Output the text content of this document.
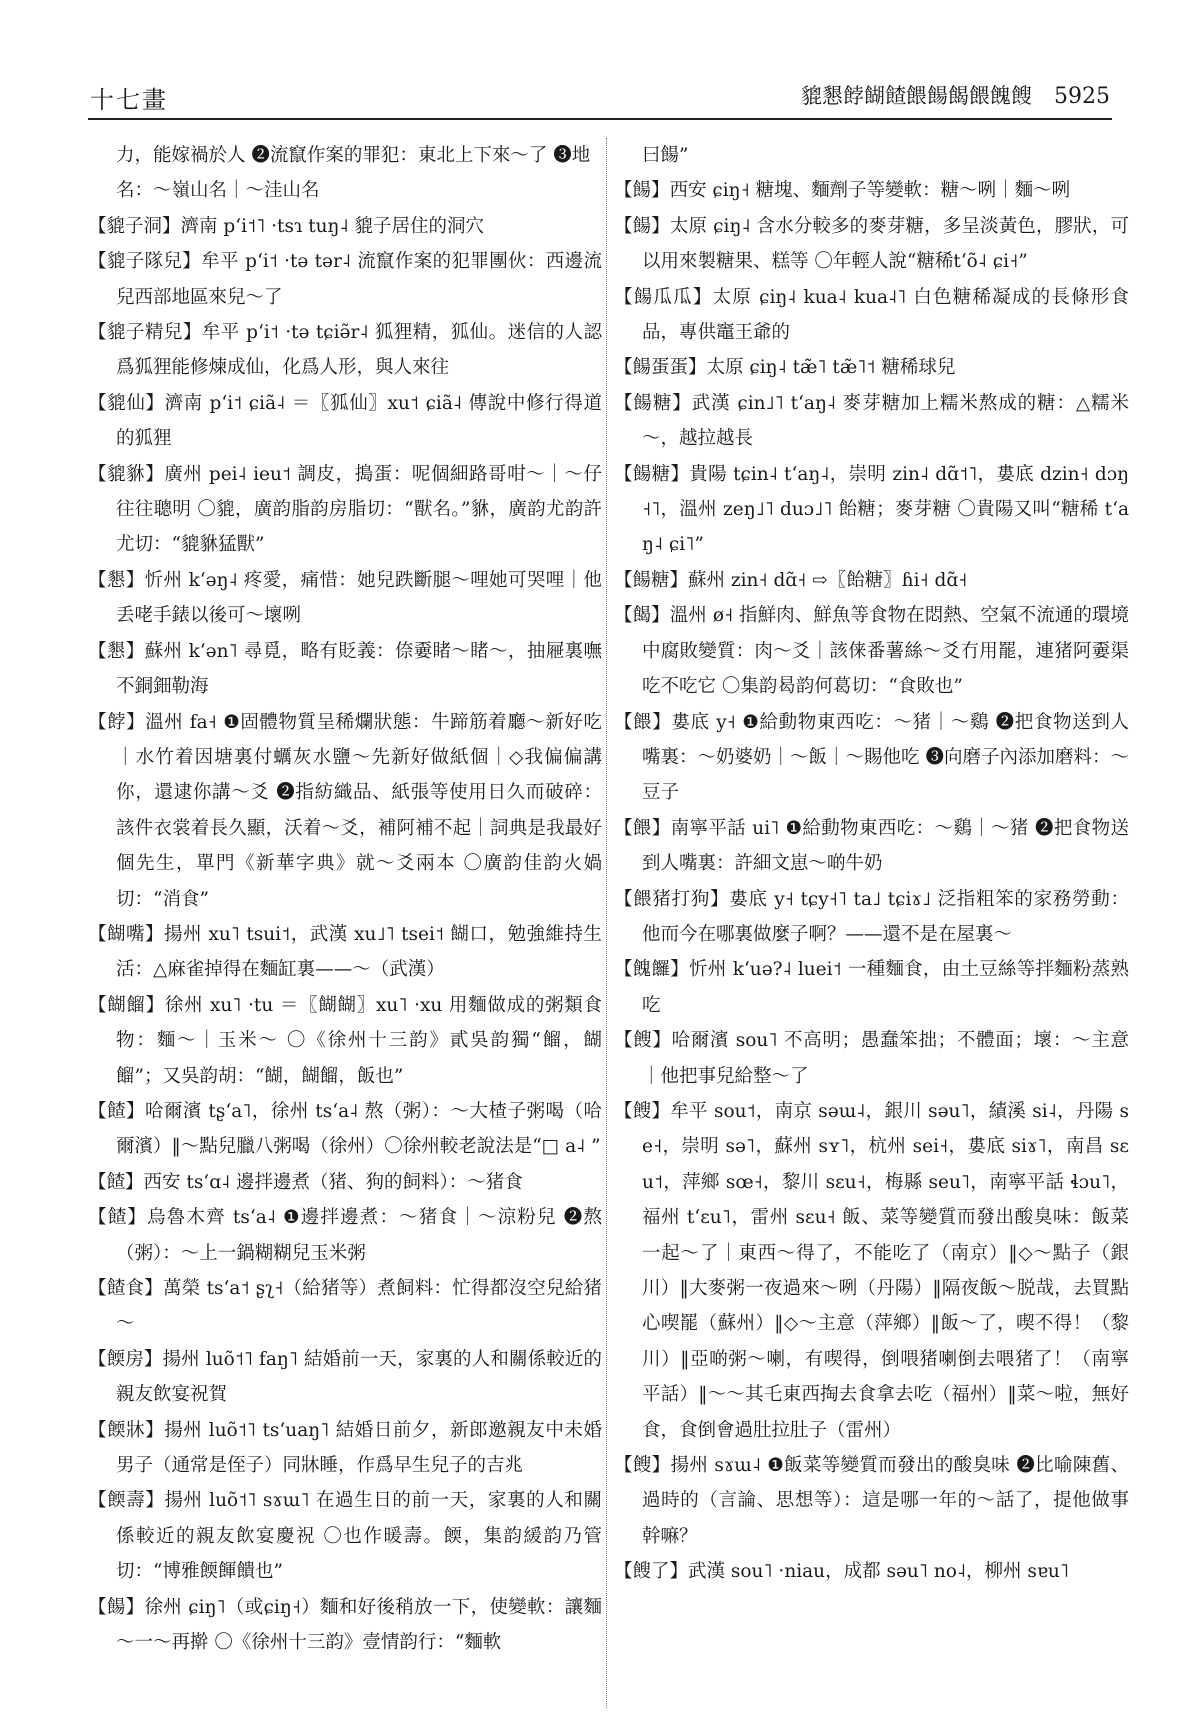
十七畫	貔懇餑餬餷餵餳餲餵餽餿 5925

力，能嫁禍於人 ❷流竄作案的罪犯：東北上下來～了 ❸地名：～嶺山名｜～洼山名

【貔子洞】濟南 pʻi˦˥ ·tsɿ tuŋ˨ 貔子居住的洞穴

【貔子隊兒】牟平 pʻi˦ ·tə tər˨ 流竄作案的犯罪團伙：西邊流兒西部地區來兒～了

【貔子精兒】牟平 pʻi˦ ·tə tɕiə̃r˨ 狐狸精，狐仙。迷信的人認爲狐狸能修煉成仙，化爲人形，與人來往

【貔仙】濟南 pʻi˦ ɕiã˨ ＝〖狐仙〗xu˦ ɕiã˨ 傳說中修行得道的狐狸

【貔貅】廣州 pei˨ ieu˦ 調皮，搗蛋：呢個細路哥咁～｜～仔往往聰明 〇貔，廣韵脂韵房脂切：“獸名。”貅，廣韵尤韵許尤切：“貔貅猛獸”

【懇】忻州 kʻəŋ˨ 疼愛，痛惜：她兒跌斷腿～哩她可哭哩｜他丢咾手錶以後可～壞咧

【懇】蘇州 kʻən˥ 尋覓，略有貶義：倷嫑睹～睹～，抽屜裏嘸不銅鈿勒海

【餑】溫州 fa˧ ❶固體物質呈稀爛狀態：牛蹄筋着廳～新好吃｜水竹着因塘裏付蠣灰水鹽～先新好做紙個｜◇我偏偏講你，還逮你講～爻 ❷指紡織品、紙張等使用日久而破碎：該件衣裳着長久顯，沃着～爻，補阿補不起｜詞典是我最好個先生，單門《新華字典》就～爻兩本 〇廣韵佳韵火媧切：“消食”

【餬嘴】揚州 xu˥ tsui˦，武漢 xu˩˥ tsei˦ 餬口，勉強維持生活：△麻雀掉得在麵缸裏——～（武漢）

【餬餾】徐州 xu˥ ·tu ＝〖餬餬〗xu˥ ·xu 用麵做成的粥類食物：麵～｜玉米～ 〇《徐州十三韵》貳吳韵獨“餾，餬餾”；又吳韵胡：“餬，餬餾，飯也”

【餷】哈爾濱 tʂʻa˥，徐州 tsʻa˨ 熬（粥）：～大楂子粥喝（哈爾濱）‖～點兒臘八粥喝（徐州）〇徐州較老說法是“□ a˨ ”

【餷】西安 tsʻɑ˨ 邊拌邊煮（猪、狗的飼料）：～猪食

【餷】烏魯木齊 tsʻa˨ ❶邊拌邊煮：～猪食｜～涼粉兒 ❷熬（粥）：～上一鍋糊糊兒玉米粥

【餷食】萬榮 tsʻa˦ ʂʅ˧（給猪等）煮飼料：忙得都沒空兒給猪～

【餪房】揚州 luõ˦˥ faŋ˥ 結婚前一天，家裏的人和關係較近的親友飲宴祝賀

【餪牀】揚州 luõ˦˥ tsʻuaŋ˥ 結婚日前夕，新郎邀親友中未婚男子（通常是侄子）同牀睡，作爲早生兒子的吉兆

【餪壽】揚州 luõ˦˥ sɤɯ˥ 在過生日的前一天，家裏的人和關係較近的親友飲宴慶祝 〇也作暖壽。餪，集韵緩韵乃管切：“博雅餪餫饋也”

【餳】徐州 ɕiŋ˥（或ɕiŋ˧）麵和好後稍放一下，使變軟：讓麵～一～再擀 〇《徐州十三韵》壹情韵行：“麵軟

曰餳”

【餳】西安 ɕiŋ˧ 糖塊、麵劑子等變軟：糖～咧｜麵～咧

【餳】太原 ɕiŋ˨ 含水分較多的麥芽糖，多呈淡黃色，膠狀，可以用來製糖果、糕等 〇年輕人說“糖稀tʻõ˨ ɕi˧”

【餳瓜瓜】太原 ɕiŋ˨ kua˨ kua˨˥ 白色糖稀凝成的長條形食品，專供竈王爺的

【餳蛋蛋】太原 ɕiŋ˨ tæ̃˥ tæ̃˥˦ 糖稀球兒

【餳糖】武漢 ɕin˩˥ tʻaŋ˨ 麥芽糖加上糯米熬成的糖：△糯米～，越拉越長

【餳糖】貴陽 tɕin˨ tʻaŋ˨，崇明 zin˨ dɑ̃˦˥，婁底 dzin˧ dɔŋ˧˥，溫州 zeŋ˩˥ duɔ˩˥ 飴糖；麥芽糖 〇貴陽又叫“糖稀 tʻaŋ˨ ɕi˥”

【餳糖】蘇州 zin˧ dɑ̃˧ ⇨〖飴糖〗ɦi˧ dɑ̃˧

【餲】溫州 ø˧ 指鮮肉、鮮魚等食物在悶熱、空氣不流通的環境中腐敗變質：肉～爻｜該俫番薯絲～爻冇用罷，連猪阿嫑渠吃不吃它 〇集韵曷韵何葛切：“食敗也”

【餵】婁底 y˧ ❶給動物東西吃：～猪｜～鷄 ❷把食物送到人嘴裏：～奶婆奶｜～飯｜～賜他吃 ❸向磨子內添加磨料：～豆子

【餵】南寧平話 ui˥ ❶給動物東西吃：～鷄｜～猪 ❷把食物送到人嘴裏：許細文崽～啲牛奶

【餵猪打狗】婁底 y˧ tɕy˧˥ ta˩ tɕiɤ˩ 泛指粗笨的家務勞動：他而今在哪裏做麼子啊？——還不是在屋裏～

【餽饠】忻州 kʻuə?˨ luei˦ 一種麵食，由土豆絲等拌麵粉蒸熟吃

【餿】哈爾濱 sou˥ 不高明；愚蠢笨拙；不體面；壞：～主意｜他把事兒給整～了

【餿】牟平 sou˦，南京 səɯ˨，銀川 səu˥，績溪 si˨，丹陽 se˧，崇明 sə˥，蘇州 sʏ˥，杭州 sei˧，婁底 siɤ˥，南昌 sɛu˦，萍鄉 sœ˧，黎川 sɛu˧，梅縣 seu˥，南寧平話 ɬɔu˥，福州 tʻɛu˥，雷州 sɛu˧ 飯、菜等變質而發出酸臭味：飯菜一起～了｜東西～得了，不能吃了（南京）‖◇～點子（銀川）‖大麥粥一夜過來～咧（丹陽）‖隔夜飯～脱哉，去買點心喫罷（蘇州）‖◇～主意（萍鄉）‖飯～了，喫不得！（黎川）‖亞啲粥～喇，有喫得，倒喂猪喇倒去喂猪了！（南寧平話）‖～～其乇東西掏去食拿去吃（福州）‖菜～啦，無好食，食倒會過肚拉肚子（雷州）

【餿】揚州 sɤɯ˨ ❶飯菜等變質而發出的酸臭味 ❷比喻陳舊、過時的（言論、思想等）：這是哪一年的～話了，提他做事幹嘛？

【餿了】武漢 sou˥ ·niau，成都 səu˥ no˨，柳州 sɐu˥
